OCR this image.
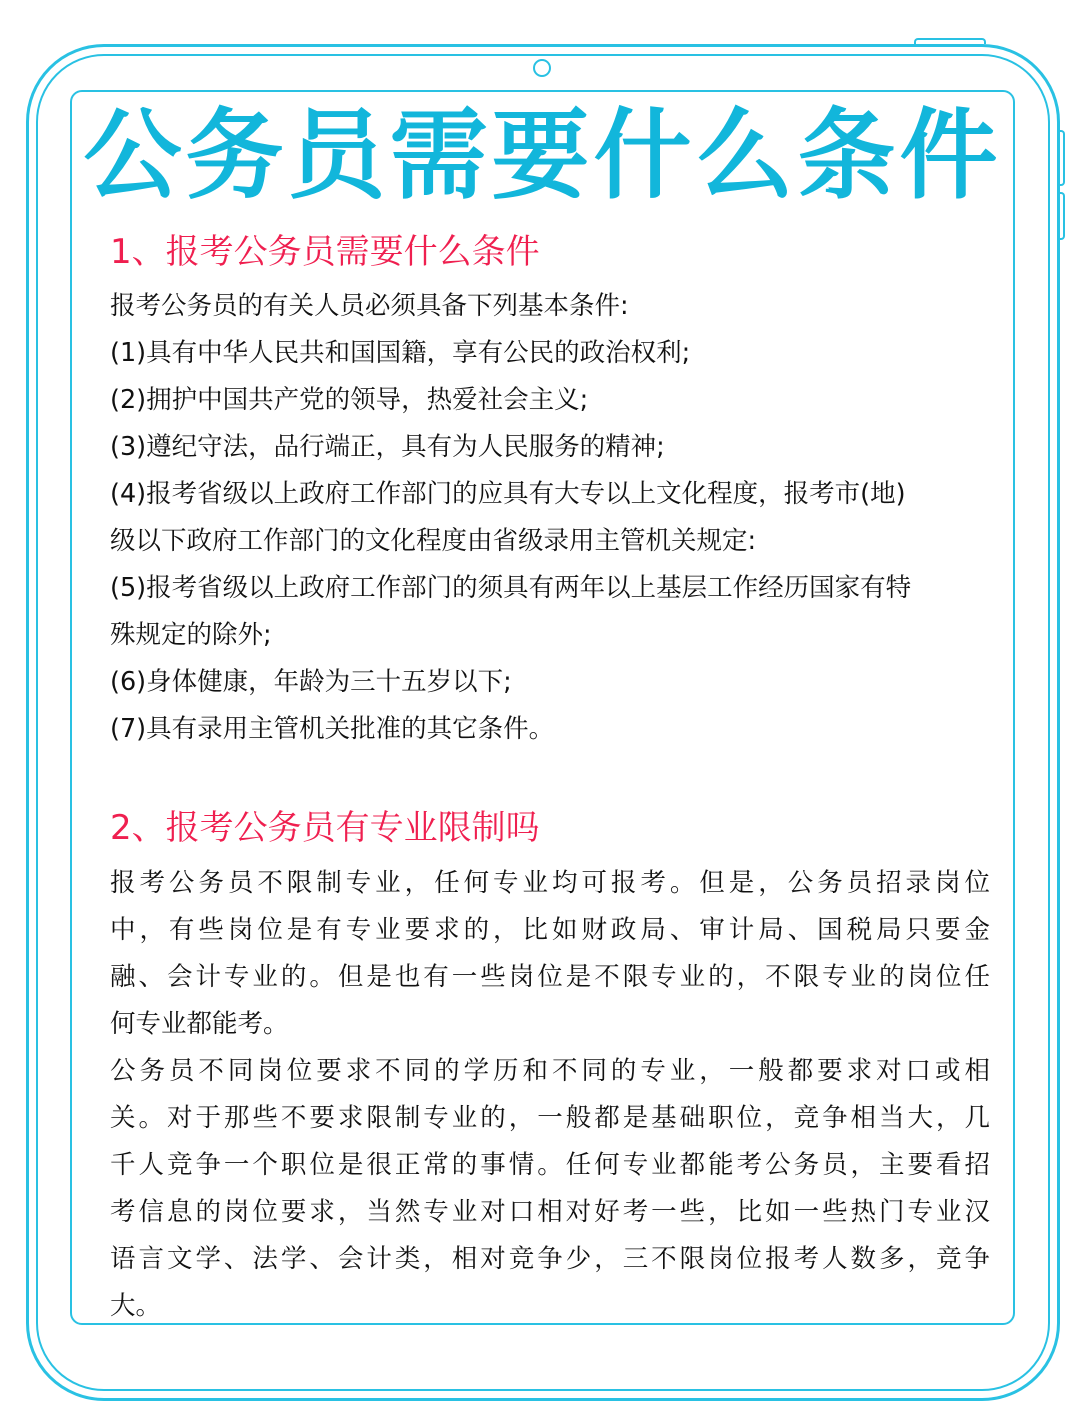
公务员需要什么条件
1、报考公务员需要什么条件
报考公务员的有关人员必须具备下列基本条件:
(1)具有中华人民共和国国籍，享有公民的政治权利;
(2)拥护中国共产党的领导，热爱社会主义;
(3)遵纪守法，品行端正，具有为人民服务的精神;
(4)报考省级以上政府工作部门的应具有大专以上文化程度，报考市(地)
级以下政府工作部门的文化程度由省级录用主管机关规定:
(5)报考省级以上政府工作部门的须具有两年以上基层工作经历国家有特
殊规定的除外;
(6)身体健康，年龄为三十五岁以下;
(7)具有录用主管机关批准的其它条件。
2、报考公务员有专业限制吗
报考公务员不限制专业，任何专业均可报考。但是，公务员招录岗位
中，有些岗位是有专业要求的，比如财政局、审计局、国税局只要金
融、会计专业的。但是也有一些岗位是不限专业的，不限专业的岗位任
何专业都能考。
公务员不同岗位要求不同的学历和不同的专业，一般都要求对口或相
关。对于那些不要求限制专业的，一般都是基础职位，竞争相当大，几
千人竞争一个职位是很正常的事情。任何专业都能考公务员，主要看招
考信息的岗位要求，当然专业对口相对好考一些，比如一些热门专业汉
语言文学、法学、会计类，相对竞争少，三不限岗位报考人数多，竞争
大。
